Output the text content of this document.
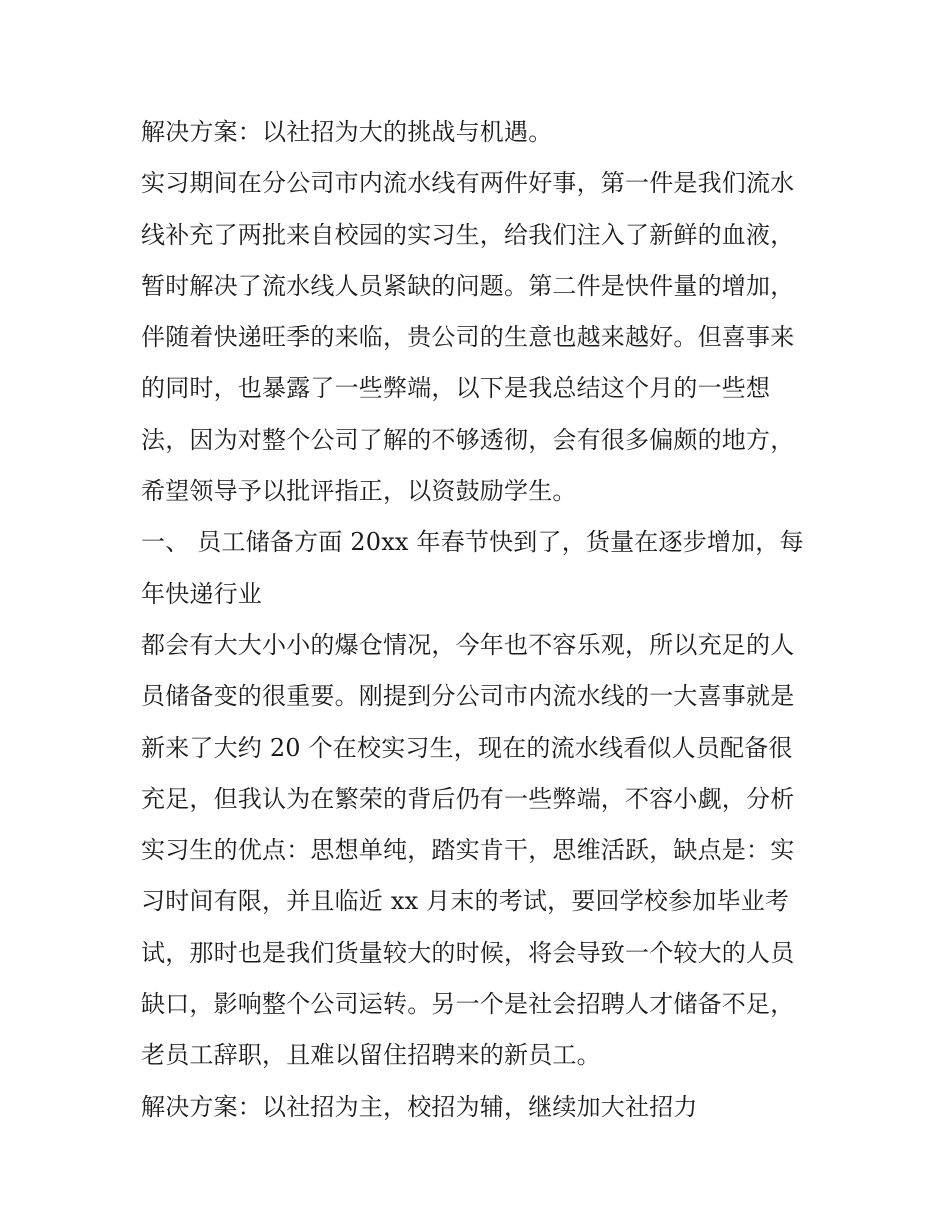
解决方案：以社招为大的挑战与机遇。
实习期间在分公司市内流水线有两件好事，第一件是我们流水
线补充了两批来自校园的实习生，给我们注入了新鲜的血液，
暂时解决了流水线人员紧缺的问题。第二件是快件量的增加，
伴随着快递旺季的来临，贵公司的生意也越来越好。但喜事来
的同时，也暴露了一些弊端，以下是我总结这个月的一些想
法，因为对整个公司了解的不够透彻，会有很多偏颇的地方，
希望领导予以批评指正，以资鼓励学生。
一、 员工储备方面 20xx 年春节快到了，货量在逐步增加，每
年快递行业
都会有大大小小的爆仓情况，今年也不容乐观，所以充足的人
员储备变的很重要。刚提到分公司市内流水线的一大喜事就是
新来了大约 20 个在校实习生，现在的流水线看似人员配备很
充足，但我认为在繁荣的背后仍有一些弊端，不容小觑，分析
实习生的优点：思想单纯，踏实肯干，思维活跃，缺点是：实
习时间有限，并且临近 xx 月末的考试，要回学校参加毕业考
试，那时也是我们货量较大的时候，将会导致一个较大的人员
缺口，影响整个公司运转。另一个是社会招聘人才储备不足，
老员工辞职，且难以留住招聘来的新员工。
解决方案：以社招为主，校招为辅，继续加大社招力
